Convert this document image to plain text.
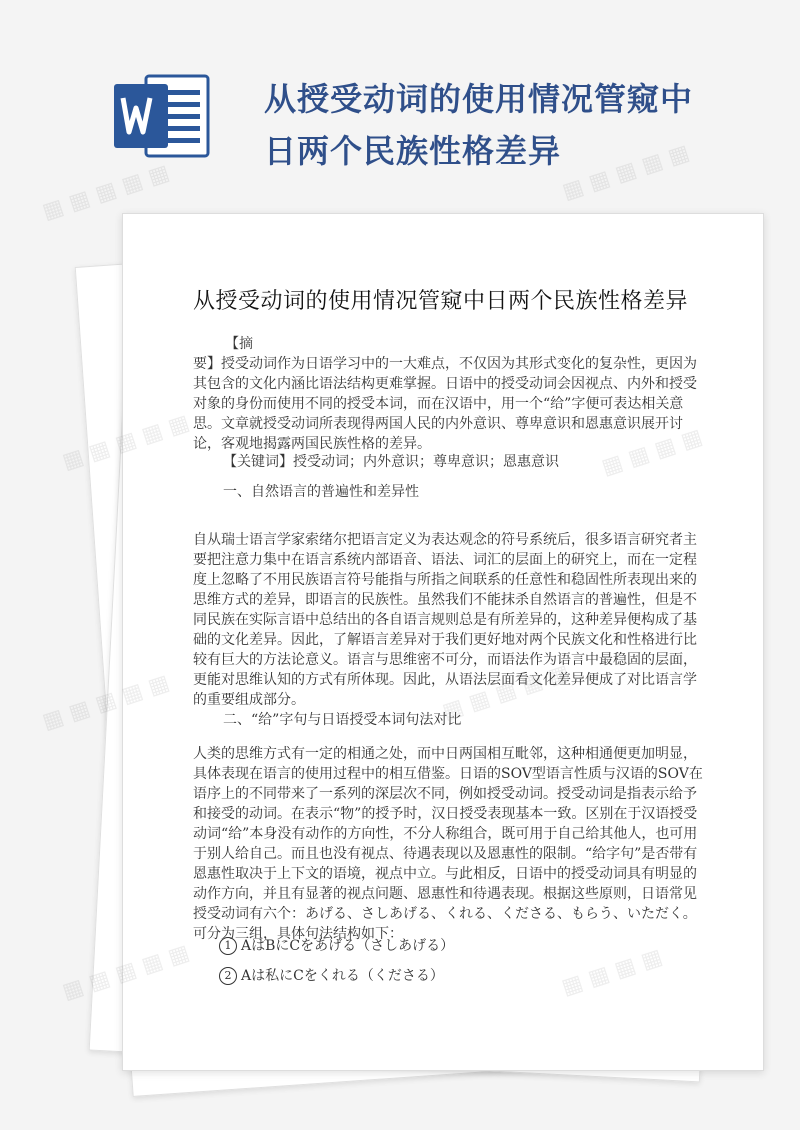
从授受动词的使用情况管窥中
日两个民族性格差异
从授受动词的使用情况管窥中日两个民族性格差异
【摘
要】授受动词作为日语学习中的一大难点，不仅因为其形式变化的复杂性，更因为其包含的文化内涵比语法结构更难掌握。日语中的授受动词会因视点、内外和授受对象的身份而使用不同的授受本词，而在汉语中，用一个“给”字便可表达相关意思。文章就授受动词所表现得两国人民的内外意识、尊卑意识和恩惠意识展开讨论，客观地揭露两国民族性格的差异。
【关键词】授受动词；内外意识；尊卑意识；恩惠意识
一、自然语言的普遍性和差异性
自从瑞士语言学家索绪尔把语言定义为表达观念的符号系统后，很多语言研究者主要把注意力集中在语言系统内部语音、语法、词汇的层面上的研究上，而在一定程度上忽略了不用民族语言符号能指与所指之间联系的任意性和稳固性所表现出来的思维方式的差异，即语言的民族性。虽然我们不能抹杀自然语言的普遍性，但是不同民族在实际言语中总结出的各自语言规则总是有所差异的，这种差异便构成了基础的文化差异。因此，了解语言差异对于我们更好地对两个民族文化和性格进行比较有巨大的方法论意义。语言与思维密不可分，而语法作为语言中最稳固的层面，更能对思维认知的方式有所体现。因此，从语法层面看文化差异便成了对比语言学的重要组成部分。
二、“给”字句与日语授受本词句法对比
人类的思维方式有一定的相通之处，而中日两国相互毗邻，这种相通便更加明显，具体表现在语言的使用过程中的相互借鉴。日语的SOV型语言性质与汉语的SOV在语序上的不同带来了一系列的深层次不同，例如授受动词。授受动词是指表示给予和接受的动词。在表示“物”的授予时，汉日授受表现基本一致。区别在于汉语授受动词“给”本身没有动作的方向性，不分人称组合，既可用于自己给其他人，也可用于别人给自己。而且也没有视点、待遇表现以及恩惠性的限制。“给字句”是否带有恩惠性取决于上下文的语境，视点中立。与此相反，日语中的授受动词具有明显的动作方向，并且有显著的视点问题、恩惠性和待遇表现。根据这些原则，日语常见授受动词有六个：あげる、さしあげる、くれる、くださる、もらう、いただく。可分为三组，具体句法结构如下：
1 AはBにCをあげる（さしあげる）
2 Aは私にCをくれる（くださる）
▦ ▦ ▦ ▦ ▦	▦ ▦ ▦ ▦ ▦
▦
▦ ▦
▦
